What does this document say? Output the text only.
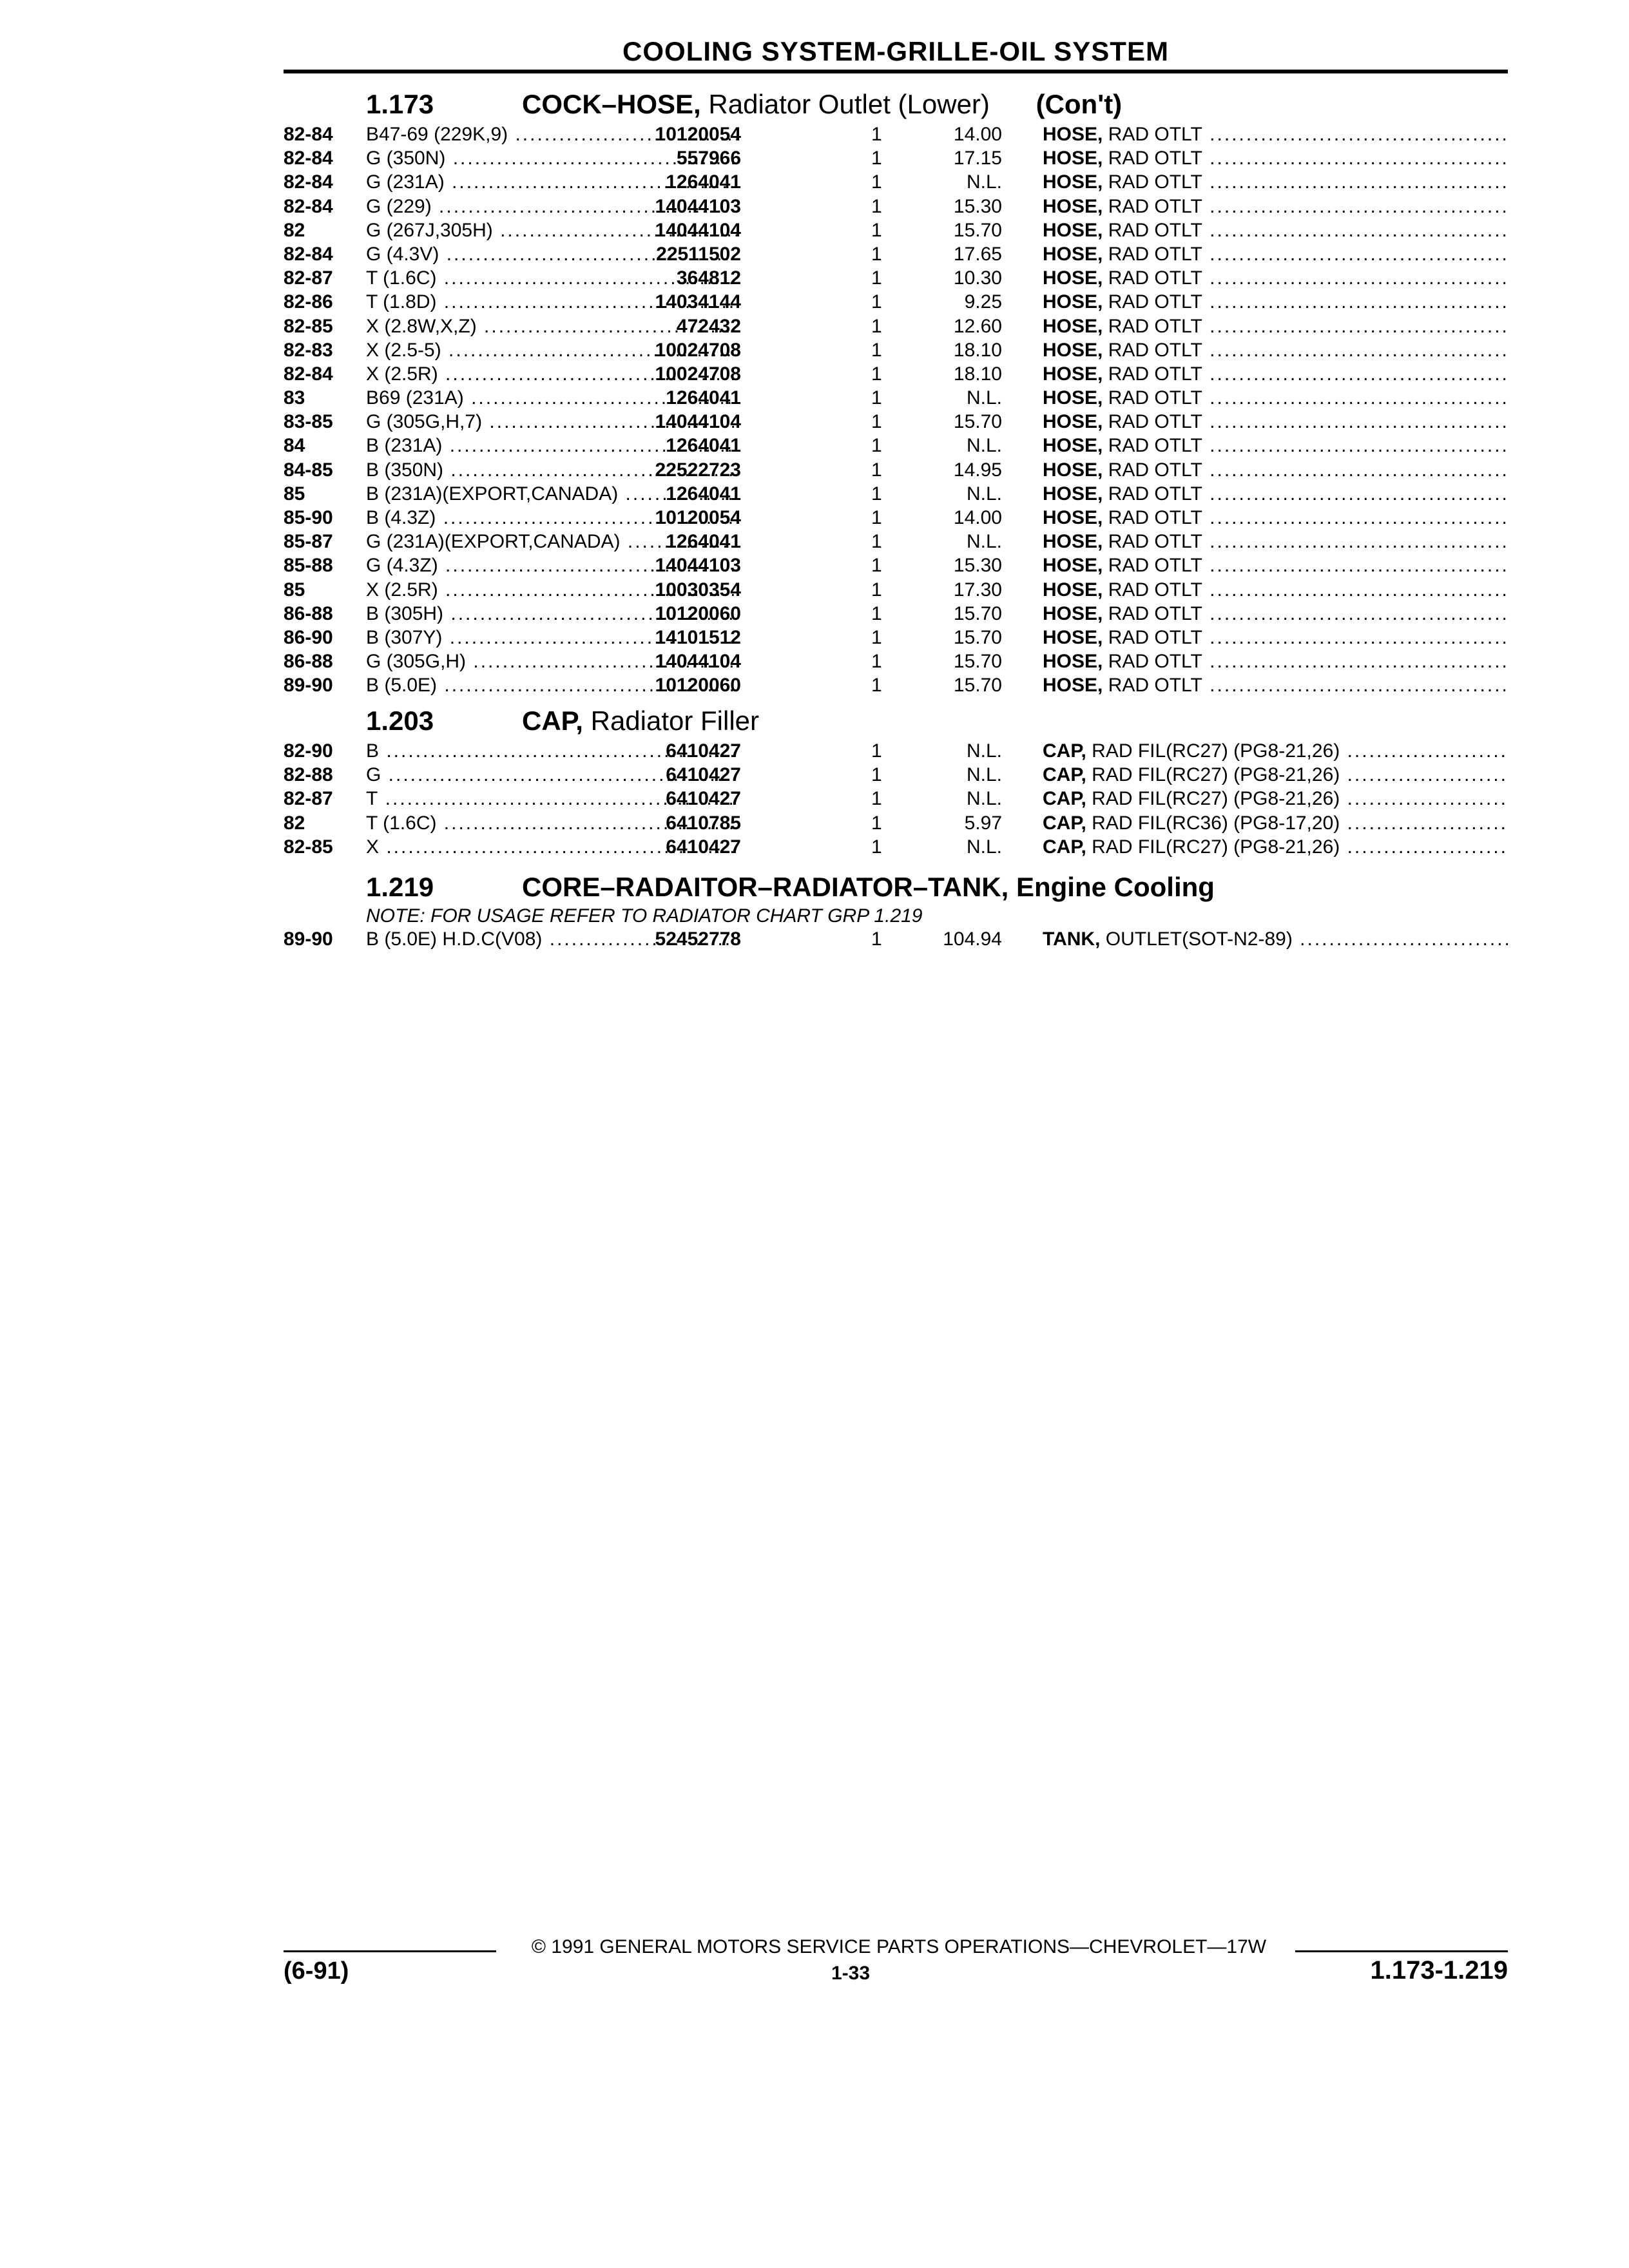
COOLING SYSTEM-GRILLE-OIL SYSTEM
1.173	COCK–HOSE, Radiator Outlet (Lower) (Con't)
82-84 B47-69 (229K,9) .....	10120054	1	14.00 HOSE, RAD OTLT .....
82-84 G (350N) .....	557966	1	17.15 HOSE, RAD OTLT .....
82-84 G (231A) .....	1264041	1	N.L. HOSE, RAD OTLT .....
82-84 G (229) .....	14044103	1	15.30 HOSE, RAD OTLT .....
82	G (267J,305H) .....	14044104	1	15.70 HOSE, RAD OTLT .....
82-84 G (4.3V) .....	22511502	1	17.65 HOSE, RAD OTLT .....
82-87 T (1.6C) .....	364812	1	10.30 HOSE, RAD OTLT .....
82-86 T (1.8D) .....	14034144	1	9.25 HOSE, RAD OTLT .....
82-85 X (2.8W,X,Z) .....	472432	1	12.60 HOSE, RAD OTLT .....
82-83 X (2.5-5) .....	10024708	1	18.10 HOSE, RAD OTLT .....
82-84 X (2.5R) .....	10024708	1	18.10 HOSE, RAD OTLT .....
83	B69 (231A) .....	1264041	1	N.L. HOSE, RAD OTLT .....
83-85 G (305G,H,7) .....	14044104	1	15.70 HOSE, RAD OTLT .....
84	B (231A) .....	1264041	1	N.L. HOSE, RAD OTLT .....
84-85 B (350N) .....	22522723	1	14.95 HOSE, RAD OTLT .....
85	B (231A)(EXPORT,CANADA) .....	1264041	1	N.L. HOSE, RAD OTLT .....
85-90 B (4.3Z) .....	10120054	1	14.00 HOSE, RAD OTLT .....
85-87 G (231A)(EXPORT,CANADA) .....	1264041	1	N.L. HOSE, RAD OTLT .....
85-88 G (4.3Z) .....	14044103	1	15.30 HOSE, RAD OTLT .....
85	X (2.5R) .....	10030354	1	17.30 HOSE, RAD OTLT .....
86-88 B (305H) .....	10120060	1	15.70 HOSE, RAD OTLT .....
86-90 B (307Y) .....	14101512	1	15.70 HOSE, RAD OTLT .....
86-88 G (305G,H) .....	14044104	1	15.70 HOSE, RAD OTLT .....
89-90 B (5.0E) .....	10120060	1	15.70 HOSE, RAD OTLT .....
1.203	CAP, Radiator Filler
82-90 B .....	6410427	1	N.L. CAP, RAD FIL(RC27) (PG8-21,26) .....
82-88 G .....	6410427	1	N.L. CAP, RAD FIL(RC27) (PG8-21,26) .....
82-87 T .....	6410427	1	N.L. CAP, RAD FIL(RC27) (PG8-21,26) .....
82	T (1.6C) .....	6410785	1	5.97 CAP, RAD FIL(RC36) (PG8-17,20) .....
82-85 X .....	6410427	1	N.L. CAP, RAD FIL(RC27) (PG8-21,26) .....
1.219	CORE–RADAITOR–RADIATOR–TANK, Engine Cooling
NOTE: FOR USAGE REFER TO RADIATOR CHART GRP 1.219
89-90 B (5.0E) H.D.C(V08) .....	52452778	1	104.94 TANK, OUTLET(SOT-N2-89) .....
© 1991 GENERAL MOTORS SERVICE PARTS OPERATIONS—CHEVROLET—17W
(6-91)	1-33	1.173-1.219
